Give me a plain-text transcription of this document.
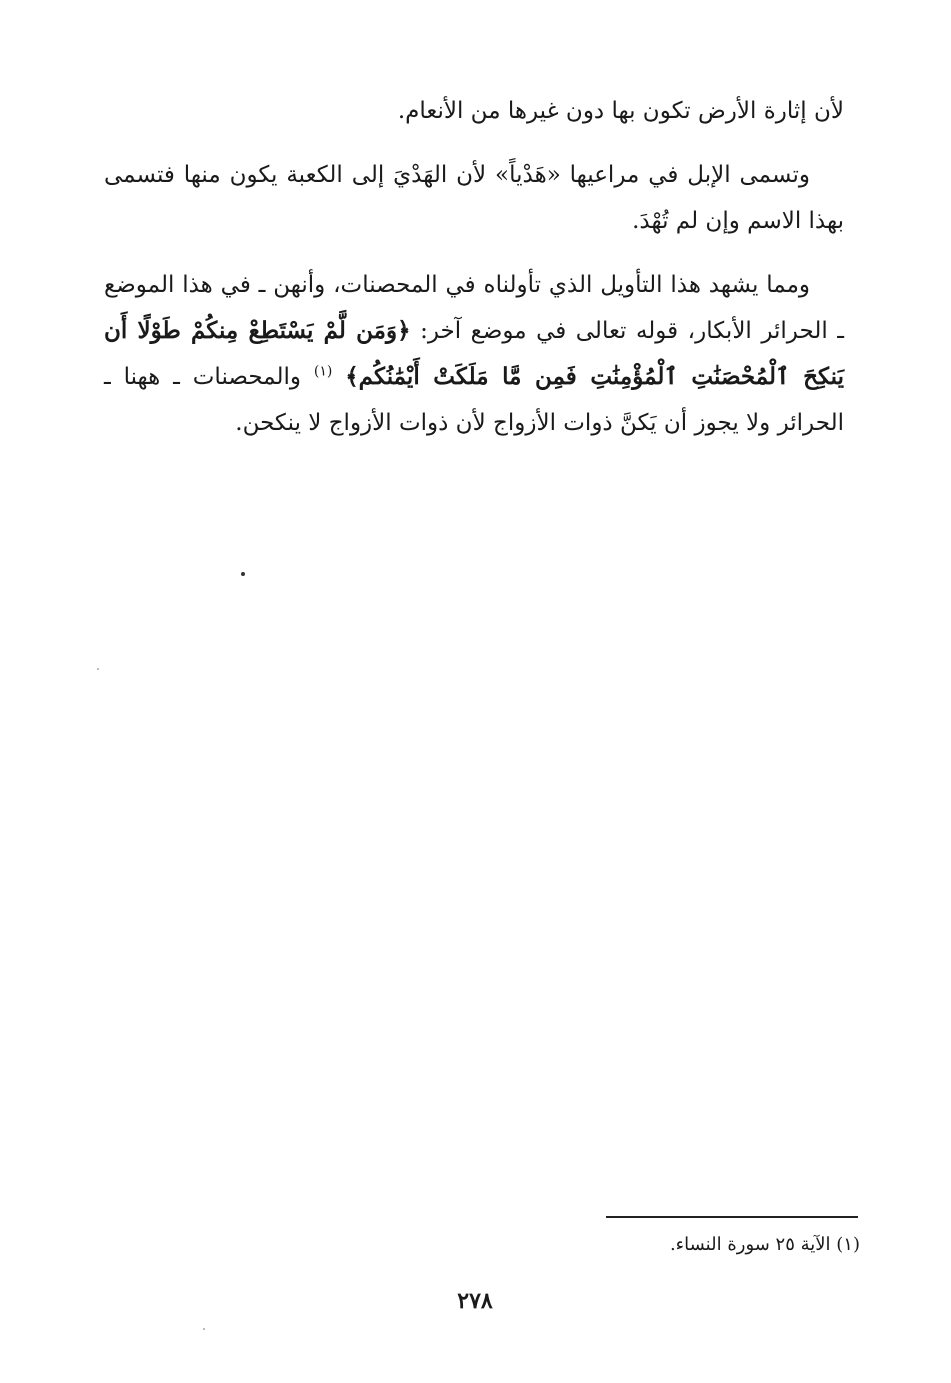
لأن إثارة الأرض تكون بها دون غيرها من الأنعام.

وتسمى الإبل في مراعيها «هَدْياً» لأن الهَدْيَ إلى الكعبة يكون منها فتسمى بهذا الاسم وإن لم تُهْدَ.

ومما يشهد هذا التأويل الذي تأولناه في المحصنات، وأنهن ـ في هذا الموضع ـ الحرائر الأبكار، قوله تعالى في موضع آخر: ﴿وَمَن لَّمْ يَسْتَطِعْ مِنكُمْ طَوْلًا أَن يَنكِحَ ٱلْمُحْصَنَٰتِ ٱلْمُؤْمِنَٰتِ فَمِن مَّا مَلَكَتْ أَيْمَٰنُكُم﴾ $^{(١)}$ والمحصنات ـ ههنا ـ الحرائر ولا يجوز أن يَكنَّ ذوات الأزواج لأن ذوات الأزواج لا ينكحن.

(١) الآية ٢٥ سورة النساء.
٢٧٨
